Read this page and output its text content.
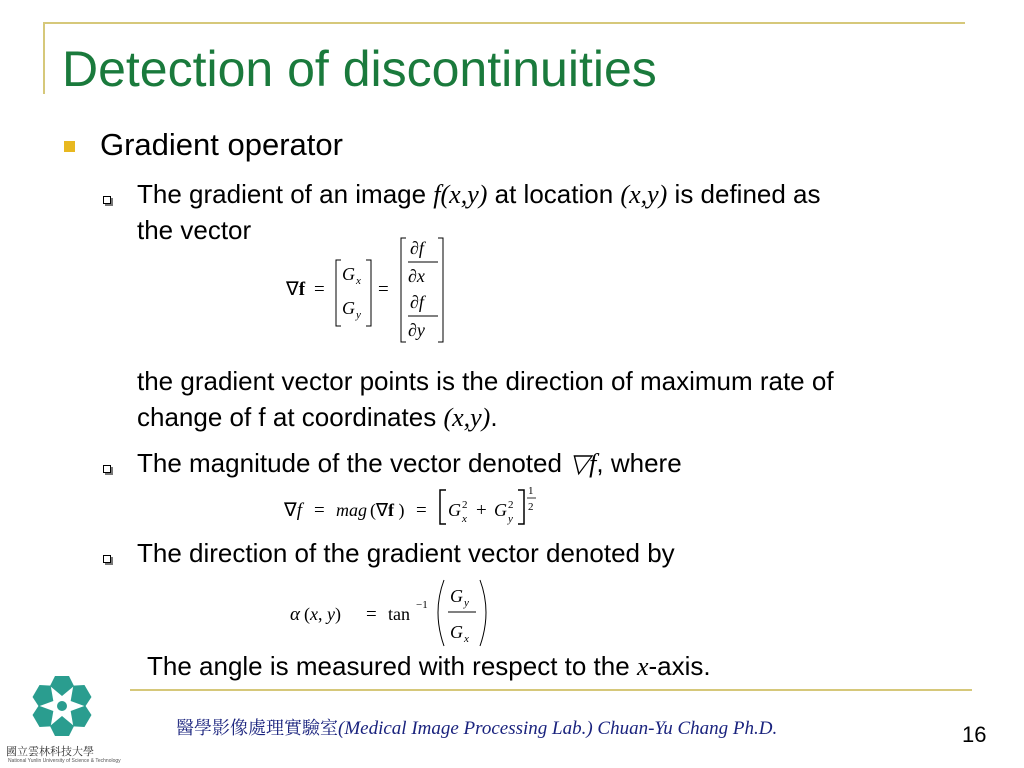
Detection of discontinuities
Gradient operator
The gradient of an image f(x,y) at location (x,y) is defined as
the vector
∇f =
G x
G y
=
∂f
∂x
∂f
∂y
the gradient vector points is the direction of maximum rate of
change of f at coordinates (x,y).
The magnitude of the vector denoted ▽f, where
∇f = mag (∇f ) = G 2
x + G 2
y
1
2
The direction of the gradient vector denoted by
α (x, y) = tan −1 G y
G x
The angle is measured with respect to the x-axis.
國立雲林科技大學
National Yunlin University of Science & Technology
醫學影像處理實驗室(Medical Image Processing Lab.) Chuan-Yu Chang Ph.D.	16
